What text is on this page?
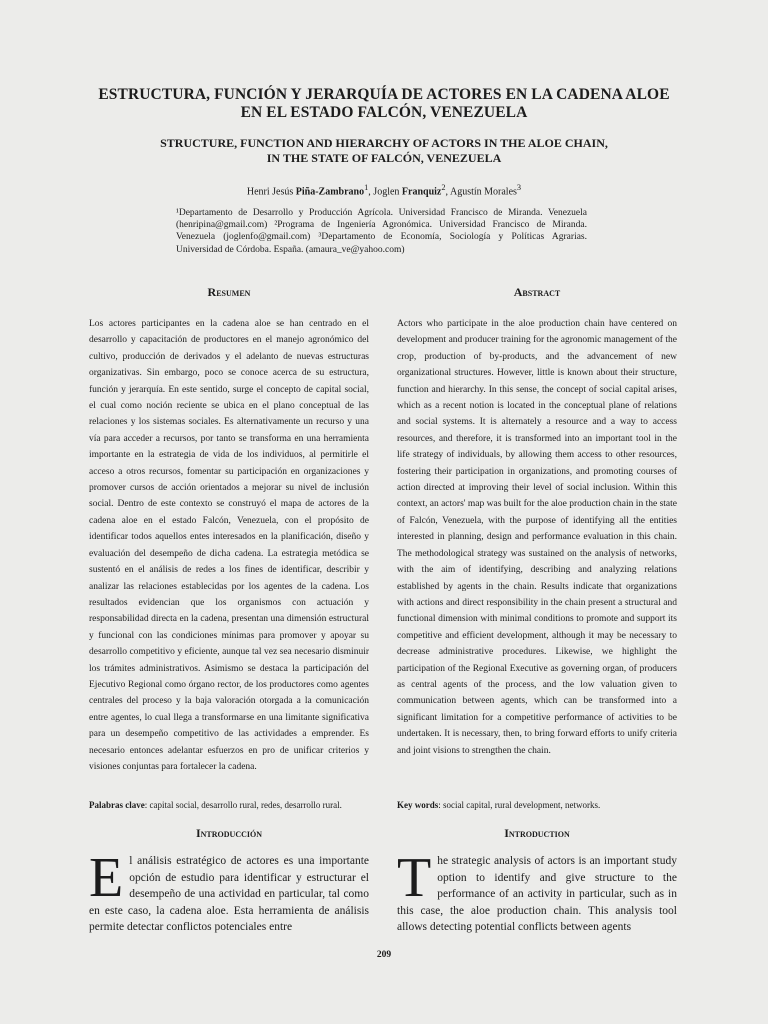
ESTRUCTURA, FUNCIÓN Y JERARQUÍA DE ACTORES EN LA CADENA ALOE
EN EL ESTADO FALCÓN, VENEZUELA
STRUCTURE, FUNCTION AND HIERARCHY OF ACTORS IN THE ALOE CHAIN,
IN THE STATE OF FALCÓN, VENEZUELA
Henri Jesús Piña-Zambrano$^1$, Joglen Franquiz$^2$, Agustín Morales$^3$
¹Departamento de Desarrollo y Producción Agrícola. Universidad Francisco de Miranda. Venezuela (henripina@gmail.com) ²Programa de Ingeniería Agronómica. Universidad Francisco de Miranda. Venezuela (joglenfo@gmail.com) ³Departamento de Economía, Sociología y Políticas Agrarias. Universidad de Córdoba. España. (amaura_ve@yahoo.com)
Resumen	Abstract
Los actores participantes en la cadena aloe se han centrado en el desarrollo y capacitación de productores en el manejo agronómico del cultivo, producción de derivados y el adelanto de nuevas estructuras organizativas. Sin embargo, poco se conoce acerca de su estructura, función y jerarquía. En este sentido, surge el concepto de capital social, el cual como noción reciente se ubica en el plano conceptual de las relaciones y los sistemas sociales. Es alternativamente un recurso y una vía para acceder a recursos, por tanto se transforma en una herramienta importante en la estrategia de vida de los individuos, al permitirle el acceso a otros recursos, fomentar su participación en organizaciones y promover cursos de acción orientados a mejorar su nivel de inclusión social. Dentro de este contexto se construyó el mapa de actores de la cadena aloe en el estado Falcón, Venezuela, con el propósito de identificar todos aquellos entes interesados en la planificación, diseño y evaluación del desempeño de dicha cadena. La estrategia metódica se sustentó en el análisis de redes a los fines de identificar, describir y analizar las relaciones establecidas por los agentes de la cadena. Los resultados evidencian que los organismos con actuación y responsabilidad directa en la cadena, presentan una dimensión estructural y funcional con las condiciones mínimas para promover y apoyar su desarrollo competitivo y eficiente, aunque tal vez sea necesario disminuir los trámites administrativos. Asimismo se destaca la participación del Ejecutivo Regional como órgano rector, de los productores como agentes centrales del proceso y la baja valoración otorgada a la comunicación entre agentes, lo cual llega a transformarse en una limitante significativa para un desempeño competitivo de las actividades a emprender. Es necesario entonces adelantar esfuerzos en pro de unificar criterios y visiones conjuntas para fortalecer la cadena.
Actors who participate in the aloe production chain have centered on development and producer training for the agronomic management of the crop, production of by-products, and the advancement of new organizational structures. However, little is known about their structure, function and hierarchy. In this sense, the concept of social capital arises, which as a recent notion is located in the conceptual plane of relations and social systems. It is alternately a resource and a way to access resources, and therefore, it is transformed into an important tool in the life strategy of individuals, by allowing them access to other resources, fostering their participation in organizations, and promoting courses of action directed at improving their level of social inclusion. Within this context, an actors' map was built for the aloe production chain in the state of Falcón, Venezuela, with the purpose of identifying all the entities interested in planning, design and performance evaluation in this chain. The methodological strategy was sustained on the analysis of networks, with the aim of identifying, describing and analyzing relations established by agents in the chain. Results indicate that organizations with actions and direct responsibility in the chain present a structural and functional dimension with minimal conditions to promote and support its competitive and efficient development, although it may be necessary to decrease administrative procedures. Likewise, we highlight the participation of the Regional Executive as governing organ, of producers as central agents of the process, and the low valuation given to communication between agents, which can be transformed into a significant limitation for a competitive performance of activities to be undertaken. It is necessary, then, to bring forward efforts to unify criteria and joint visions to strengthen the chain.
Palabras clave: capital social, desarrollo rural, redes, desarrollo rural.	Key words: social capital, rural development, networks.
Introducción	Introduction
El análisis estratégico de actores es una importante opción de estudio para identificar y estructurar el desempeño de una actividad en particular, tal como en este caso, la cadena aloe. Esta herramienta de análisis permite detectar conflictos potenciales entre
The strategic analysis of actors is an important study option to identify and give structure to the performance of an activity in particular, such as in this case, the aloe production chain. This analysis tool allows detecting potential conflicts between agents
209
